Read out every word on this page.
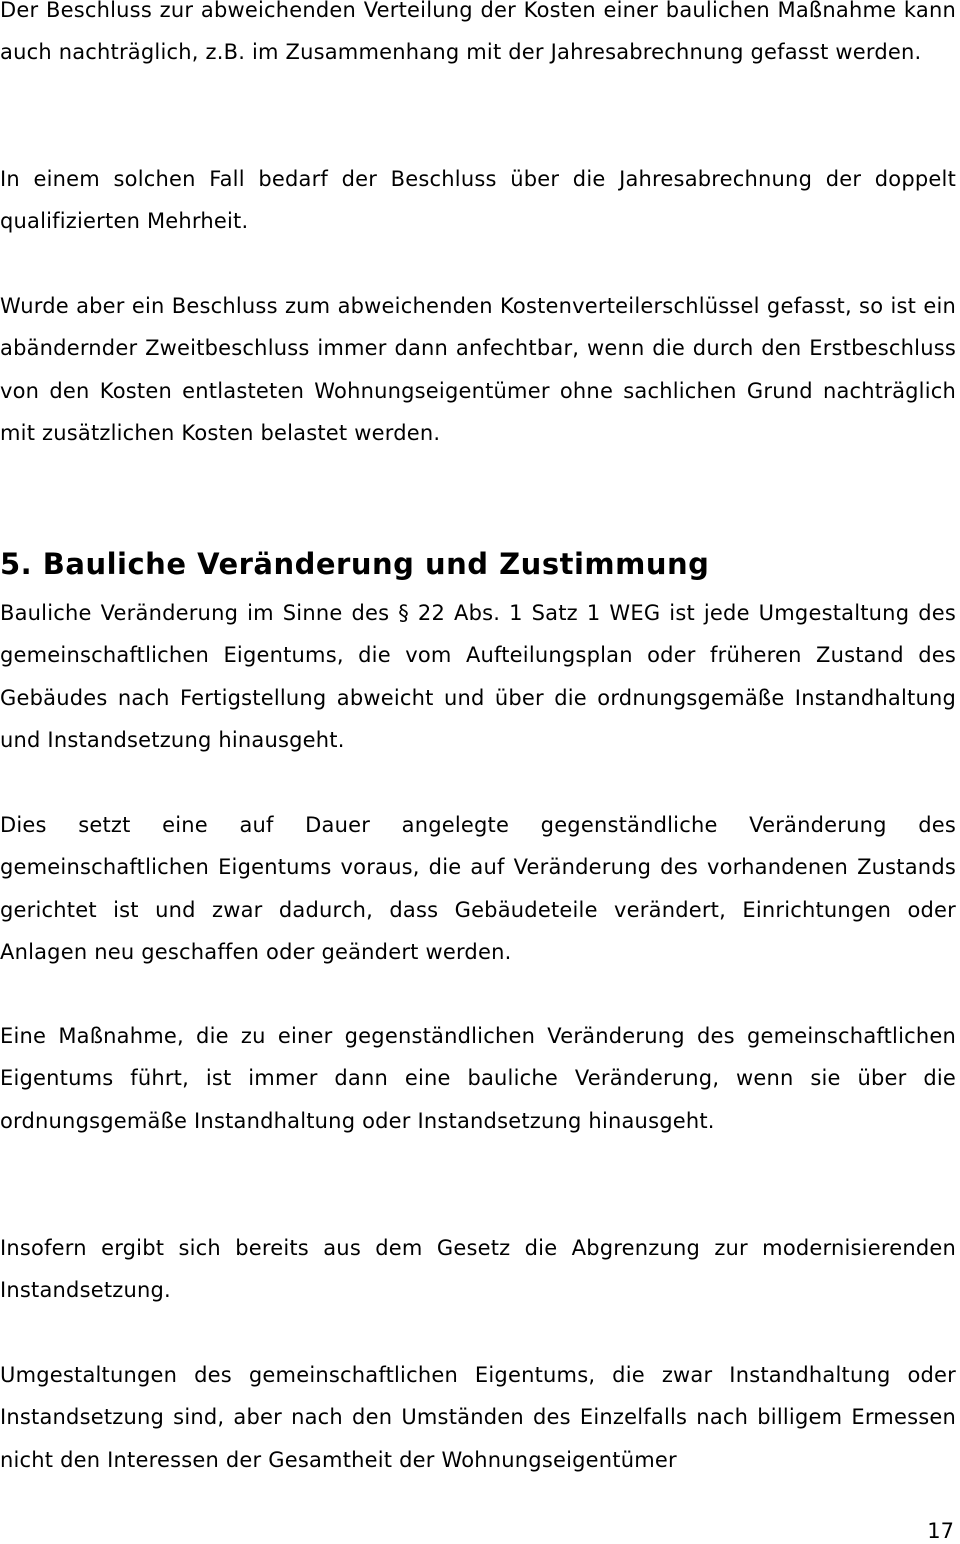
Der Beschluss zur abweichenden Verteilung der Kosten einer baulichen Maßnahme kann auch nachträglich, z.B. im Zusammenhang mit der Jahresabrechnung gefasst werden.

In einem solchen Fall bedarf der Beschluss über die Jahresabrechnung der doppelt qualifizierten Mehrheit.

Wurde aber ein Beschluss zum abweichenden Kostenverteilerschlüssel gefasst, so ist ein abändernder Zweitbeschluss immer dann anfechtbar, wenn die durch den Erstbeschluss von den Kosten entlasteten Wohnungseigentümer ohne sachlichen Grund nachträglich mit zusätzlichen Kosten belastet werden.

5. Bauliche Veränderung und Zustimmung

Bauliche Veränderung im Sinne des § 22 Abs. 1 Satz 1 WEG ist jede Umgestaltung des gemeinschaftlichen Eigentums, die vom Aufteilungsplan oder früheren Zustand des Gebäudes nach Fertigstellung abweicht und über die ordnungsgemäße Instandhaltung und Instandsetzung hinausgeht.

Dies setzt eine auf Dauer angelegte gegenständliche Veränderung des gemeinschaftlichen Eigentums voraus, die auf Veränderung des vorhandenen Zustands gerichtet ist und zwar dadurch, dass Gebäudeteile verändert, Einrichtungen oder Anlagen neu geschaffen oder geändert werden.

Eine Maßnahme, die zu einer gegenständlichen Veränderung des gemeinschaftlichen Eigentums führt, ist immer dann eine bauliche Veränderung, wenn sie über die ordnungsgemäße Instandhaltung oder Instandsetzung hinausgeht.

Insofern ergibt sich bereits aus dem Gesetz die Abgrenzung zur modernisierenden Instandsetzung.

Umgestaltungen des gemeinschaftlichen Eigentums, die zwar Instandhaltung oder Instandsetzung sind, aber nach den Umständen des Einzelfalls nach billigem Ermessen nicht den Interessen der Gesamtheit der Wohnungseigentümer

17
